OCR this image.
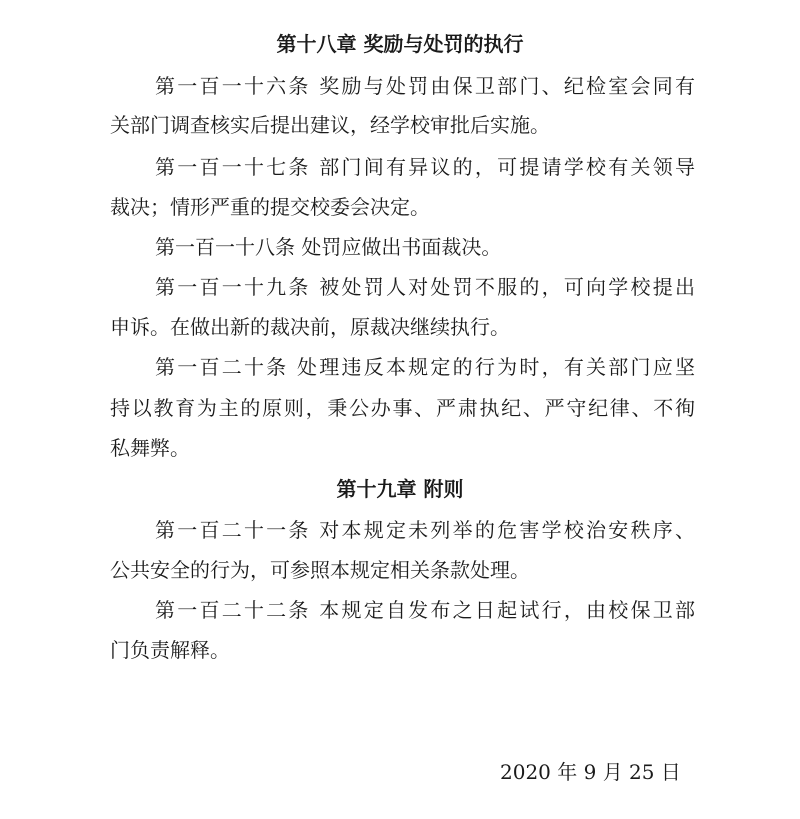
第十八章 奖励与处罚的执行

第一百一十六条 奖励与处罚由保卫部门、纪检室会同有

关部门调查核实后提出建议，经学校审批后实施。

第一百一十七条 部门间有异议的，可提请学校有关领导

裁决；情形严重的提交校委会决定。

第一百一十八条 处罚应做出书面裁决。

第一百一十九条 被处罚人对处罚不服的，可向学校提出

申诉。在做出新的裁决前，原裁决继续执行。

第一百二十条 处理违反本规定的行为时，有关部门应坚

持以教育为主的原则，秉公办事、严肃执纪、严守纪律、不徇

私舞弊。

第十九章 附则

第一百二十一条 对本规定未列举的危害学校治安秩序、

公共安全的行为，可参照本规定相关条款处理。

第一百二十二条 本规定自发布之日起试行，由校保卫部

门负责解释。

2020 年 9 月 25 日
